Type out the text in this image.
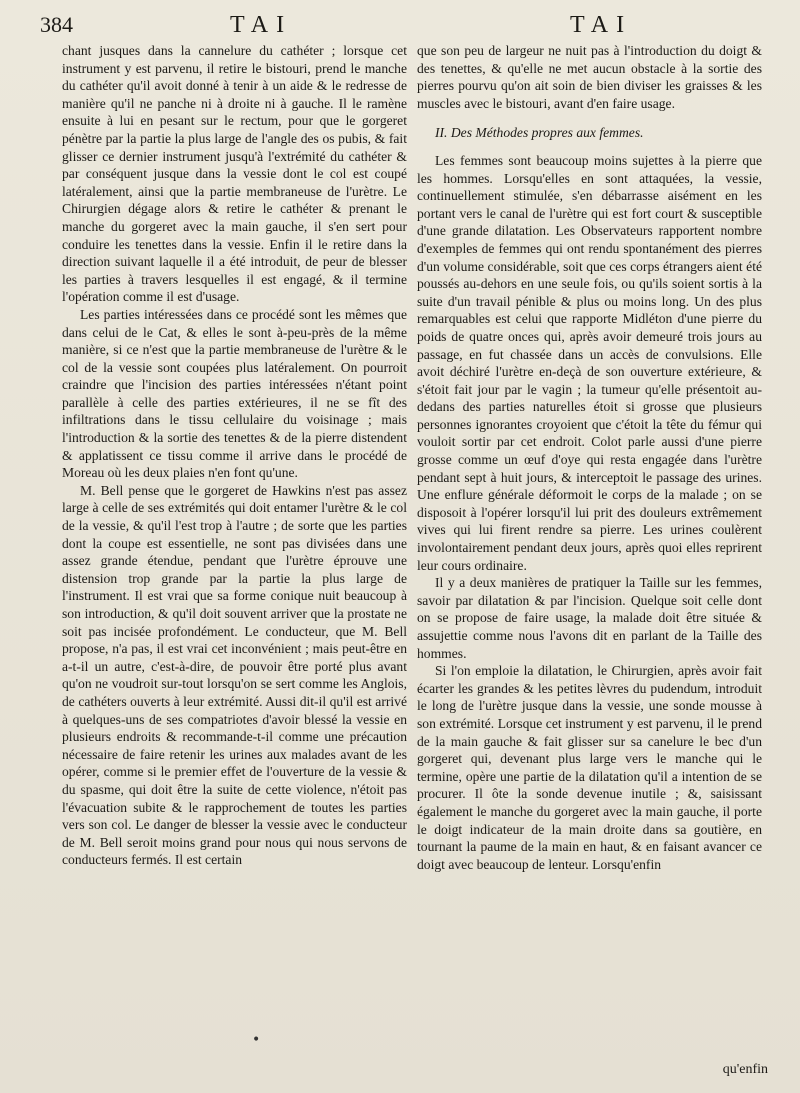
384	TAI	TAI

chant jusques dans la cannelure du cathéter ; lorsque cet instrument y est parvenu, il retire le bistouri, prend le manche du cathéter qu'il avoit donné à tenir à un aide & le redresse de manière qu'il ne panche ni à droite ni à gauche. Il le ramène ensuite à lui en pesant sur le rectum, pour que le gorgeret pénètre par la partie la plus large de l'angle des os pubis, & fait glisser ce dernier instrument jusqu'à l'extrémité du cathéter & par conséquent jusque dans la vessie dont le col est coupé latéralement, ainsi que la partie membraneuse de l'urètre. Le Chirurgien dégage alors & retire le cathéter & prenant le manche du gorgeret avec la main gauche, il s'en sert pour conduire les tenettes dans la vessie. Enfin il le retire dans la direction suivant laquelle il a été introduit, de peur de blesser les parties à travers lesquelles il est engagé, & il termine l'opération comme il est d'usage.

Les parties intéressées dans ce procédé sont les mêmes que dans celui de le Cat, & elles le sont à-peu-près de la même manière, si ce n'est que la partie membraneuse de l'urètre & le col de la vessie sont coupées plus latéralement. On pourroit craindre que l'incision des parties intéressées n'étant point parallèle à celle des parties extérieures, il ne se fît des infiltrations dans le tissu cellulaire du voisinage ; mais l'introduction & la sortie des tenettes & de la pierre distendent & applatissent ce tissu comme il arrive dans le procédé de Moreau où les deux plaies n'en font qu'une.

M. Bell pense que le gorgeret de Hawkins n'est pas assez large à celle de ses extrémités qui doit entamer l'urètre & le col de la vessie, & qu'il l'est trop à l'autre ; de sorte que les parties dont la coupe est essentielle, ne sont pas divisées dans une assez grande étendue, pendant que l'urètre éprouve une distension trop grande par la partie la plus large de l'instrument. Il est vrai que sa forme conique nuit beaucoup à son introduction, & qu'il doit souvent arriver que la prostate ne soit pas incisée profondément. Le conducteur, que M. Bell propose, n'a pas, il est vrai cet inconvénient ; mais peut-être en a-t-il un autre, c'est-à-dire, de pouvoir être porté plus avant qu'on ne voudroit sur-tout lorsqu'on se sert comme les Anglois, de cathéters ouverts à leur extrémité. Aussi dit-il qu'il est arrivé à quelques-uns de ses compatriotes d'avoir blessé la vessie en plusieurs endroits & recommande-t-il comme une précaution nécessaire de faire retenir les urines aux malades avant de les opérer, comme si le premier effet de l'ouverture de la vessie & du spasme, qui doit être la suite de cette violence, n'étoit pas l'évacuation subite & le rapprochement de toutes les parties vers son col. Le danger de blesser la vessie avec le conducteur de M. Bell seroit moins grand pour nous qui nous servons de conducteurs fermés. Il est certain

que son peu de largeur ne nuit pas à l'introduction du doigt & des tenettes, & qu'elle ne met aucun obstacle à la sortie des pierres pourvu qu'on ait soin de bien diviser les graisses & les muscles avec le bistouri, avant d'en faire usage.

II. Des Méthodes propres aux femmes.

Les femmes sont beaucoup moins sujettes à la pierre que les hommes. Lorsqu'elles en sont attaquées, la vessie, continuellement stimulée, s'en débarrasse aisément en les portant vers le canal de l'urètre qui est fort court & susceptible d'une grande dilatation. Les Observateurs rapportent nombre d'exemples de femmes qui ont rendu spontanément des pierres d'un volume considérable, soit que ces corps étrangers aient été poussés au-dehors en une seule fois, ou qu'ils soient sortis à la suite d'un travail pénible & plus ou moins long. Un des plus remarquables est celui que rapporte Midléton d'une pierre du poids de quatre onces qui, après avoir demeuré trois jours au passage, en fut chassée dans un accès de convulsions. Elle avoit déchiré l'urètre en-deçà de son ouverture extérieure, & s'étoit fait jour par le vagin ; la tumeur qu'elle présentoit au-dedans des parties naturelles étoit si grosse que plusieurs personnes ignorantes croyoient que c'étoit la tête du fémur qui vouloit sortir par cet endroit. Colot parle aussi d'une pierre grosse comme un œuf d'oye qui resta engagée dans l'urètre pendant sept à huit jours, & interceptoit le passage des urines. Une enflure générale déformoit le corps de la malade ; on se disposoit à l'opérer lorsqu'il lui prit des douleurs extrêmement vives qui lui firent rendre sa pierre. Les urines coulèrent involontairement pendant deux jours, après quoi elles reprirent leur cours ordinaire.

Il y a deux manières de pratiquer la Taille sur les femmes, savoir par dilatation & par l'incision. Quelque soit celle dont on se propose de faire usage, la malade doit être située & assujettie comme nous l'avons dit en parlant de la Taille des hommes.

Si l'on emploie la dilatation, le Chirurgien, après avoir fait écarter les grandes & les petites lèvres du pudendum, introduit le long de l'urètre jusque dans la vessie, une sonde mousse à son extrémité. Lorsque cet instrument y est parvenu, il le prend de la main gauche & fait glisser sur sa canelure le bec d'un gorgeret qui, devenant plus large vers le manche qui le termine, opère une partie de la dilatation qu'il a intention de se procurer. Il ôte la sonde devenue inutile ; &, saisissant également le manche du gorgeret avec la main gauche, il porte le doigt indicateur de la main droite dans sa goutière, en tournant la paume de la main en haut, & en faisant avancer ce doigt avec beaucoup de lenteur. Lorsqu'enfin

•
qu'enfin
